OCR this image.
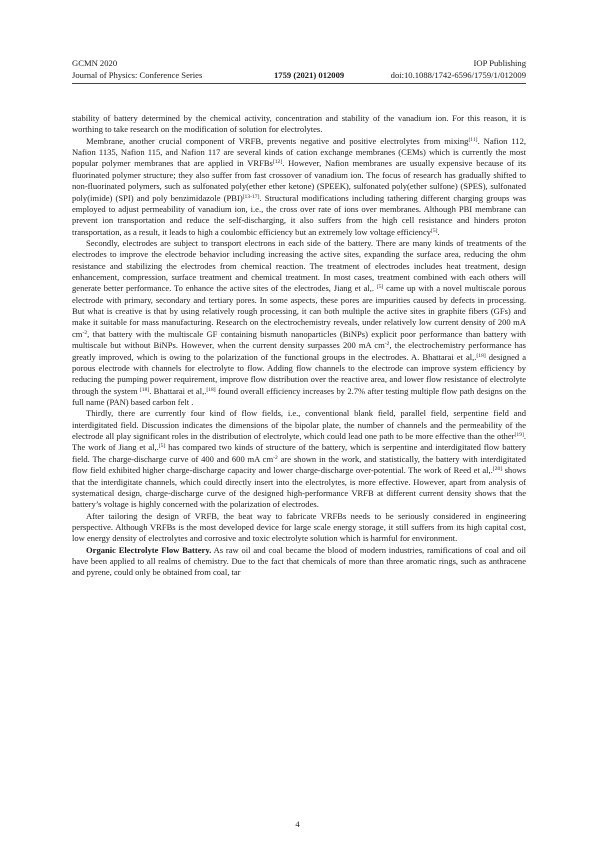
GCMN 2020	IOP Publishing
Journal of Physics: Conference Series	1759 (2021) 012009	doi:10.1088/1742-6596/1759/1/012009

stability of battery determined by the chemical activity, concentration and stability of the vanadium ion. For this reason, it is worthing to take research on the modification of solution for electrolytes.

Membrane, another crucial component of VRFB, prevents negative and positive electrolytes from mixing[11]. Nafion 112, Nafion 1135, Nafion 115, and Nafion 117 are several kinds of cation exchange membranes (CEMs) which is currently the most popular polymer membranes that are applied in VRFBs[12]. However, Nafion membranes are usually expensive because of its fluorinated polymer structure; they also suffer from fast crossover of vanadium ion. The focus of research has gradually shifted to non-fluorinated polymers, such as sulfonated poly(ether ether ketone) (SPEEK), sulfonated poly(ether sulfone) (SPES), sulfonated poly(imide) (SPI) and poly benzimidazole (PBI)[13-17]. Structural modifications including tathering different charging groups was employed to adjust permeability of vanadium ion, i.e., the cross over rate of ions over membranes. Although PBI membrane can prevent ion transportation and reduce the self-discharging, it also suffers from the high cell resistance and hinders proton transportation, as a result, it leads to high a coulombic efficiency but an extremely low voltage efficiency[5].

Secondly, electrodes are subject to transport electrons in each side of the battery. There are many kinds of treatments of the electrodes to improve the electrode behavior including increasing the active sites, expanding the surface area, reducing the ohm resistance and stabilizing the electrodes from chemical reaction. The treatment of electrodes includes heat treatment, design enhancement, compression, surface treatment and chemical treatment. In most cases, treatment combined with each others will generate better performance. To enhance the active sites of the electrodes, Jiang et al,. [5] came up with a novel multiscale porous electrode with primary, secondary and tertiary pores. In some aspects, these pores are impurities caused by defects in processing. But what is creative is that by using relatively rough processing, it can both multiple the active sites in graphite fibers (GFs) and make it suitable for mass manufacturing. Research on the electrochemistry reveals, under relatively low current density of 200 mA $cm^{-2}$, that battery with the multiscale GF containing bismuth nanoparticles (BiNPs) explicit poor performance than battery with multiscale but without BiNPs. However, when the current density surpasses 200 mA $cm^{-2}$, the electrochemistry performance has greatly improved, which is owing to the polarization of the functional groups in the electrodes. A. Bhattarai et al,.[18] designed a porous electrode with channels for electrolyte to flow. Adding flow channels to the electrode can improve system efficiency by reducing the pumping power requirement, improve flow distribution over the reactive area, and lower flow resistance of electrolyte through the system [18]. Bhattarai et al,.[18] found overall efficiency increases by 2.7% after testing multiple flow path designs on the full name (PAN) based carbon felt .

Thirdly, there are currently four kind of flow fields, i.e., conventional blank field, parallel field, serpentine field and interdigitated field. Discussion indicates the dimensions of the bipolar plate, the number of channels and the permeability of the electrode all play significant roles in the distribution of electrolyte, which could lead one path to be more effective than the other[19]. The work of Jiang et al,.[5] has compared two kinds of structure of the battery, which is serpentine and interdigitated flow battery field. The charge-discharge curve of 400 and 600 mA $cm^{-2}$ are shown in the work, and statistically, the battery with interdigitated flow field exhibited higher charge-discharge capacity and lower charge-discharge over-potential. The work of Reed et al,.[20] shows that the interdigitate channels, which could directly insert into the electrolytes, is more effective. However, apart from analysis of systematical design, charge-discharge curve of the designed high-performance VRFB at different current density shows that the battery’s voltage is highly concerned with the polarization of electrodes.

After tailoring the design of VRFB, the beat way to fabricate VRFBs needs to be seriously considered in engineering perspective. Although VRFBs is the most developed device for large scale energy storage, it still suffers from its high capital cost, low energy density of electrolytes and corrosive and toxic electrolyte solution which is harmful for environment.

Organic Electrolyte Flow Battery. As raw oil and coal became the blood of modern industries, ramifications of coal and oil have been applied to all realms of chemistry. Due to the fact that chemicals of more than three aromatic rings, such as anthracene and pyrene, could only be obtained from coal, tar

4
